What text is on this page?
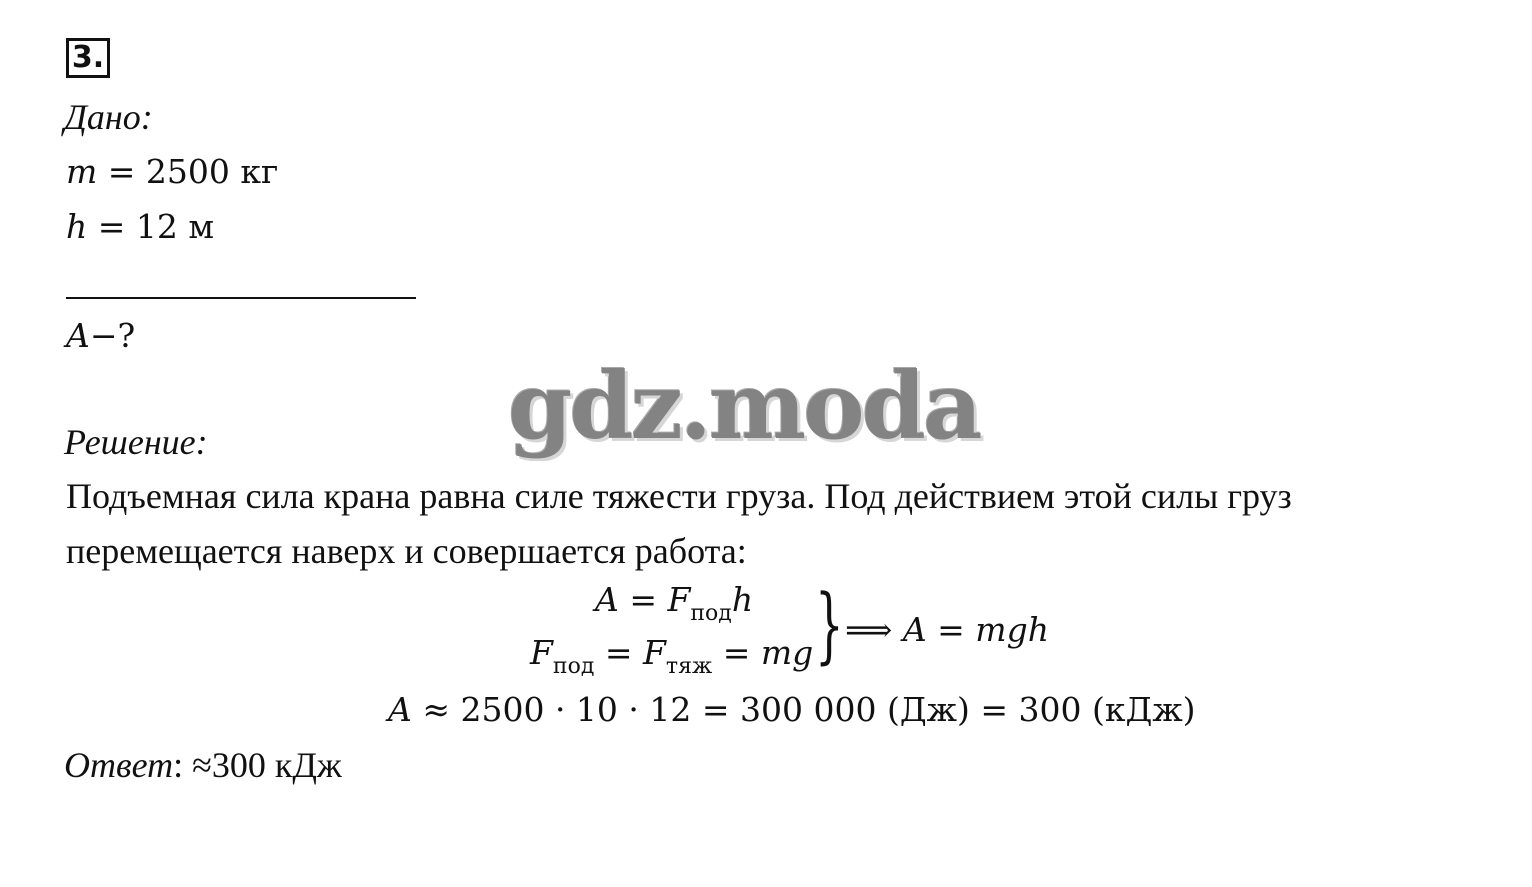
3.
Дано:
m = 2500 кг
h = 12 м
A−?
gdz.moda
Решение:
Подъемная сила крана равна силе тяжести груза. Под действием этой силы груз
перемещается наверх и совершается работа:
$A = F_{под}h$
$F_{под} = F_{тяж}$ = mg } ⟹ A = mgh
A ≈ 2500 · 10 · 12 = 300 000 (Дж) = 300 (кДж)
Ответ: ≈300 кДж
